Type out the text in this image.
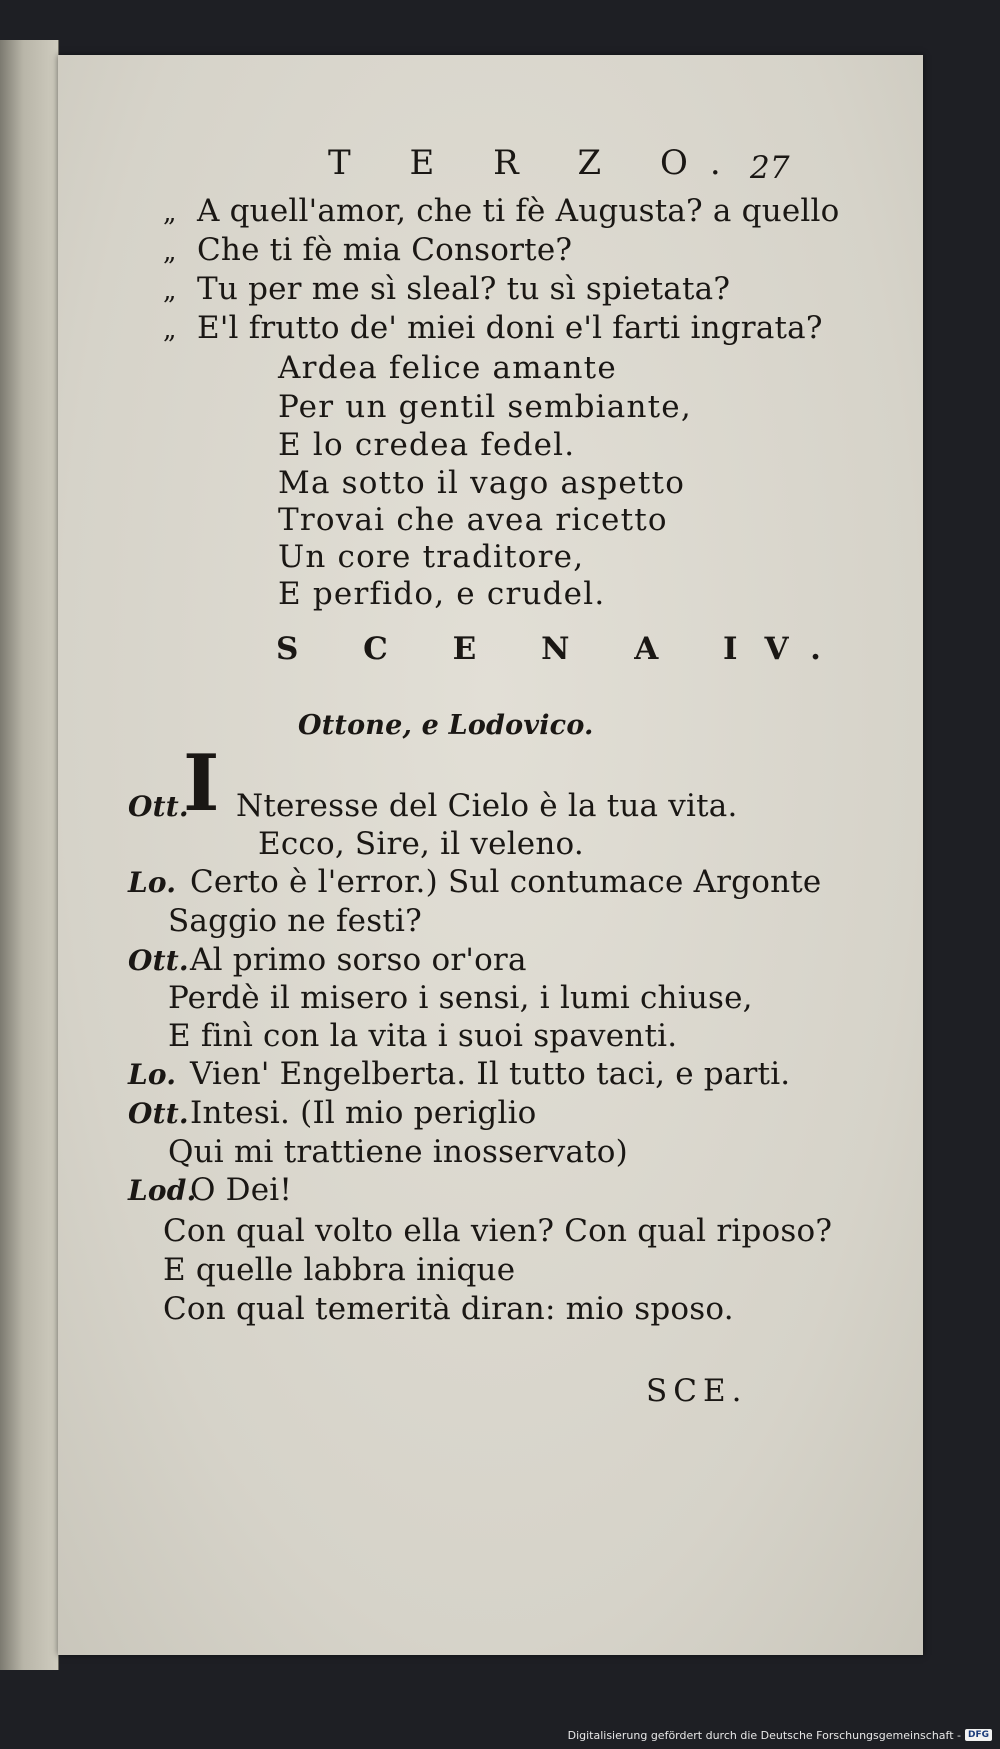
T E R Z O. 27
„ A quell'amor, che ti fè Augusta? a quello
„ Che ti fè mia Consorte?
„ Tu per me sì sleal? tu sì spietata?
„ E'l frutto de' miei doni e'l farti ingrata?
Ardea felice amante
Per un gentil sembiante,
E lo credea fedel.
Ma sotto il vago aspetto
Trovai che avea ricetto
Un core traditore,
E perfido, e crudel.
S C E N A IV.
Ottone, e Lodovico.
Ott.
I Nteresse del Cielo è la tua vita.
Ecco, Sire, il veleno.
Lo. Certo è l'error.) Sul contumace Argonte
Saggio ne festi?
Ott.Al primo sorso or'ora
Perdè il misero i sensi, i lumi chiuse,
E finì con la vita i suoi spaventi.
Lo. Vien' Engelberta. Il tutto taci, e parti.
Ott.Intesi. (Il mio periglio
Qui mi trattiene inosservato)
Lod.O Dei!
Con qual volto ella vien? Con qual riposo?
E quelle labbra inique
Con qual temerità diran: mio sposo.
SCE.
Digitalisierung gefördert durch die Deutsche Forschungsgemeinschaft - DFG
